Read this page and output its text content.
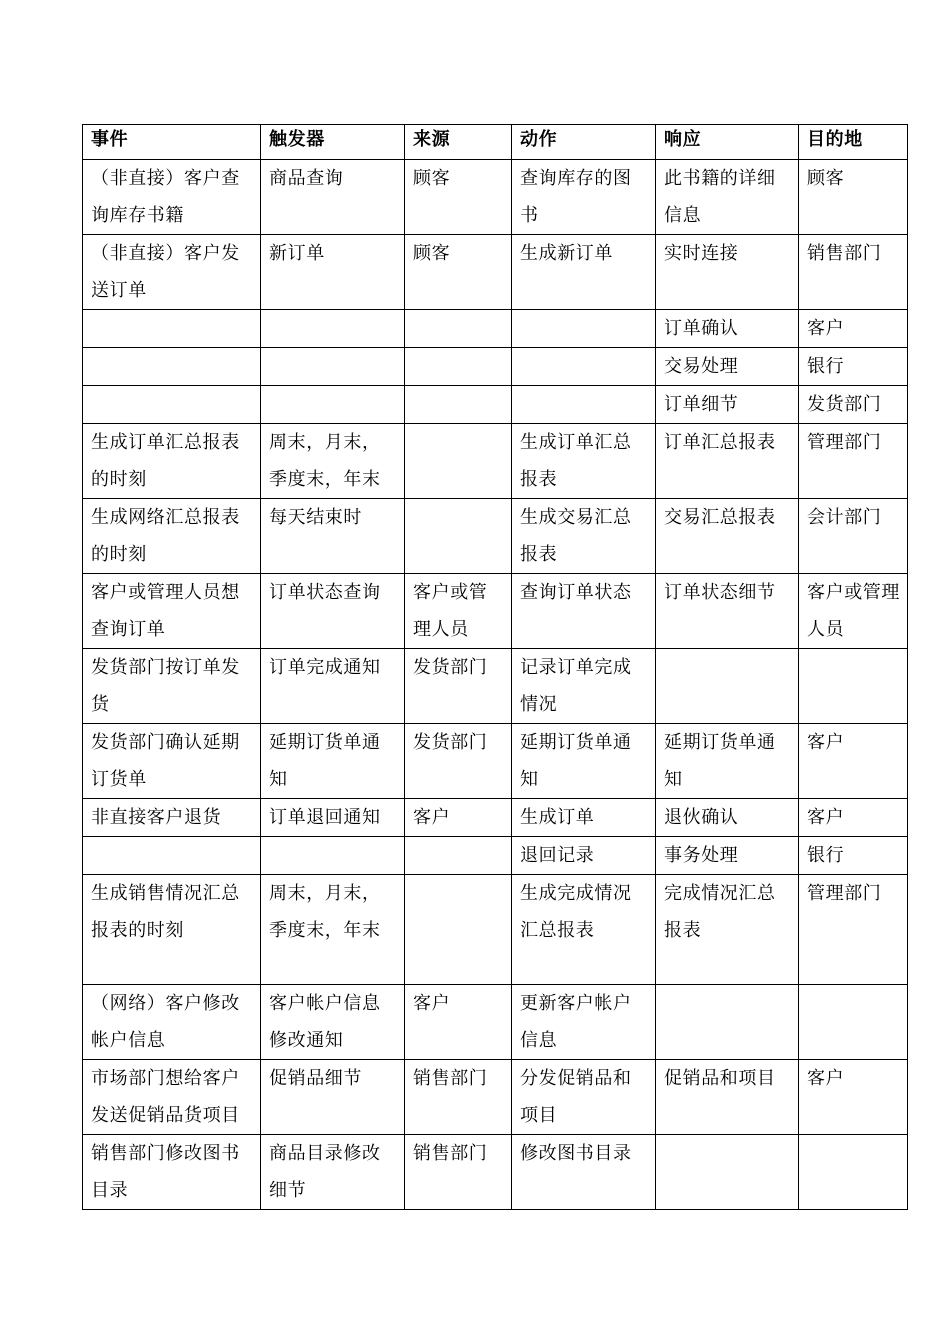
事件	触发器	来源	动作	响应	目的地
（非直接）客户查询库存书籍	商品查询	顾客	查询库存的图书	此书籍的详细信息	顾客
（非直接）客户发送订单	新订单	顾客	生成新订单	实时连接	销售部门
				订单确认	客户
				交易处理	银行
				订单细节	发货部门
生成订单汇总报表的时刻	周末，月末，季度末，年末		生成订单汇总报表	订单汇总报表	管理部门
生成网络汇总报表的时刻	每天结束时		生成交易汇总报表	交易汇总报表	会计部门
客户或管理人员想查询订单	订单状态查询	客户或管理人员	查询订单状态	订单状态细节	客户或管理人员
发货部门按订单发货	订单完成通知	发货部门	记录订单完成情况		
发货部门确认延期订货单	延期订货单通知	发货部门	延期订货单通知	延期订货单通知	客户
非直接客户退货	订单退回通知	客户	生成订单	退伙确认	客户
			退回记录	事务处理	银行
生成销售情况汇总报表的时刻	周末，月末，季度末，年末		生成完成情况汇总报表	完成情况汇总报表	管理部门
（网络）客户修改帐户信息	客户帐户信息修改通知	客户	更新客户帐户信息		
市场部门想给客户发送促销品货项目	促销品细节	销售部门	分发促销品和项目	促销品和项目	客户
销售部门修改图书目录	商品目录修改细节	销售部门	修改图书目录		
